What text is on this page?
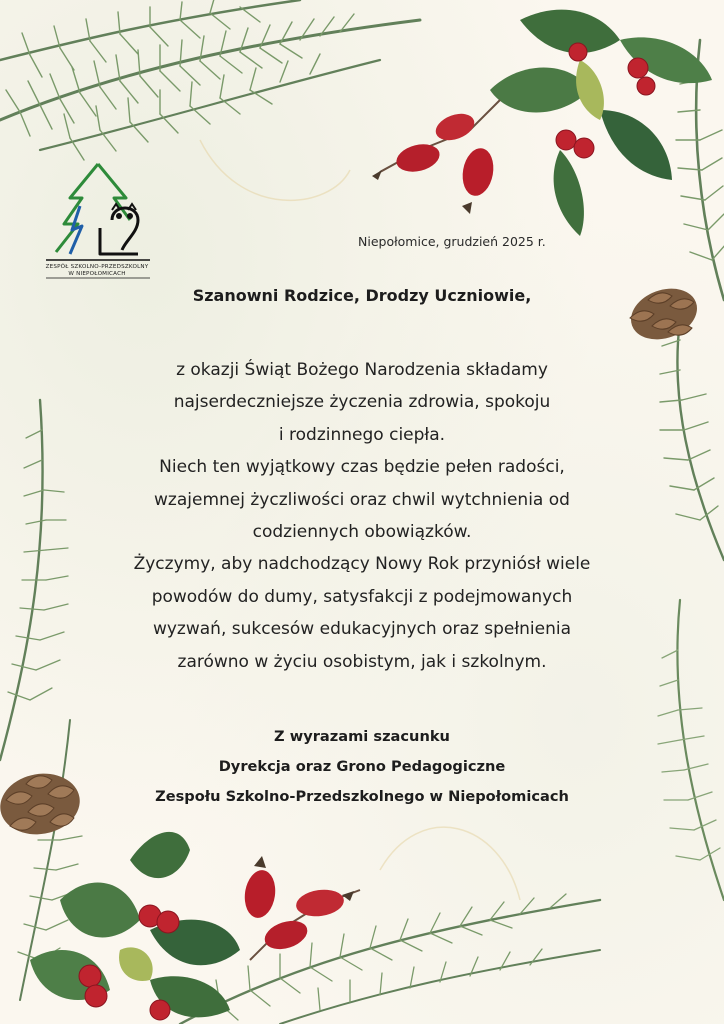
ZESPÓŁ SZKOLNO-PRZEDSZKOLNY
W NIEPOŁOMICACH
Niepołomice, grudzień 2025 r.
Szanowni Rodzice, Drodzy Uczniowie,
z okazji Świąt Bożego Narodzenia składamy
najserdeczniejsze życzenia zdrowia, spokoju
i rodzinnego ciepła.
Niech ten wyjątkowy czas będzie pełen radości,
wzajemnej życzliwości oraz chwil wytchnienia od
codziennych obowiązków.
Życzymy, aby nadchodzący Nowy Rok przyniósł wiele
powodów do dumy, satysfakcji z podejmowanych
wyzwań, sukcesów edukacyjnych oraz spełnienia
zarówno w życiu osobistym, jak i szkolnym.
Z wyrazami szacunku
Dyrekcja oraz Grono Pedagogiczne
Zespołu Szkolno-Przedszkolnego w Niepołomicach
